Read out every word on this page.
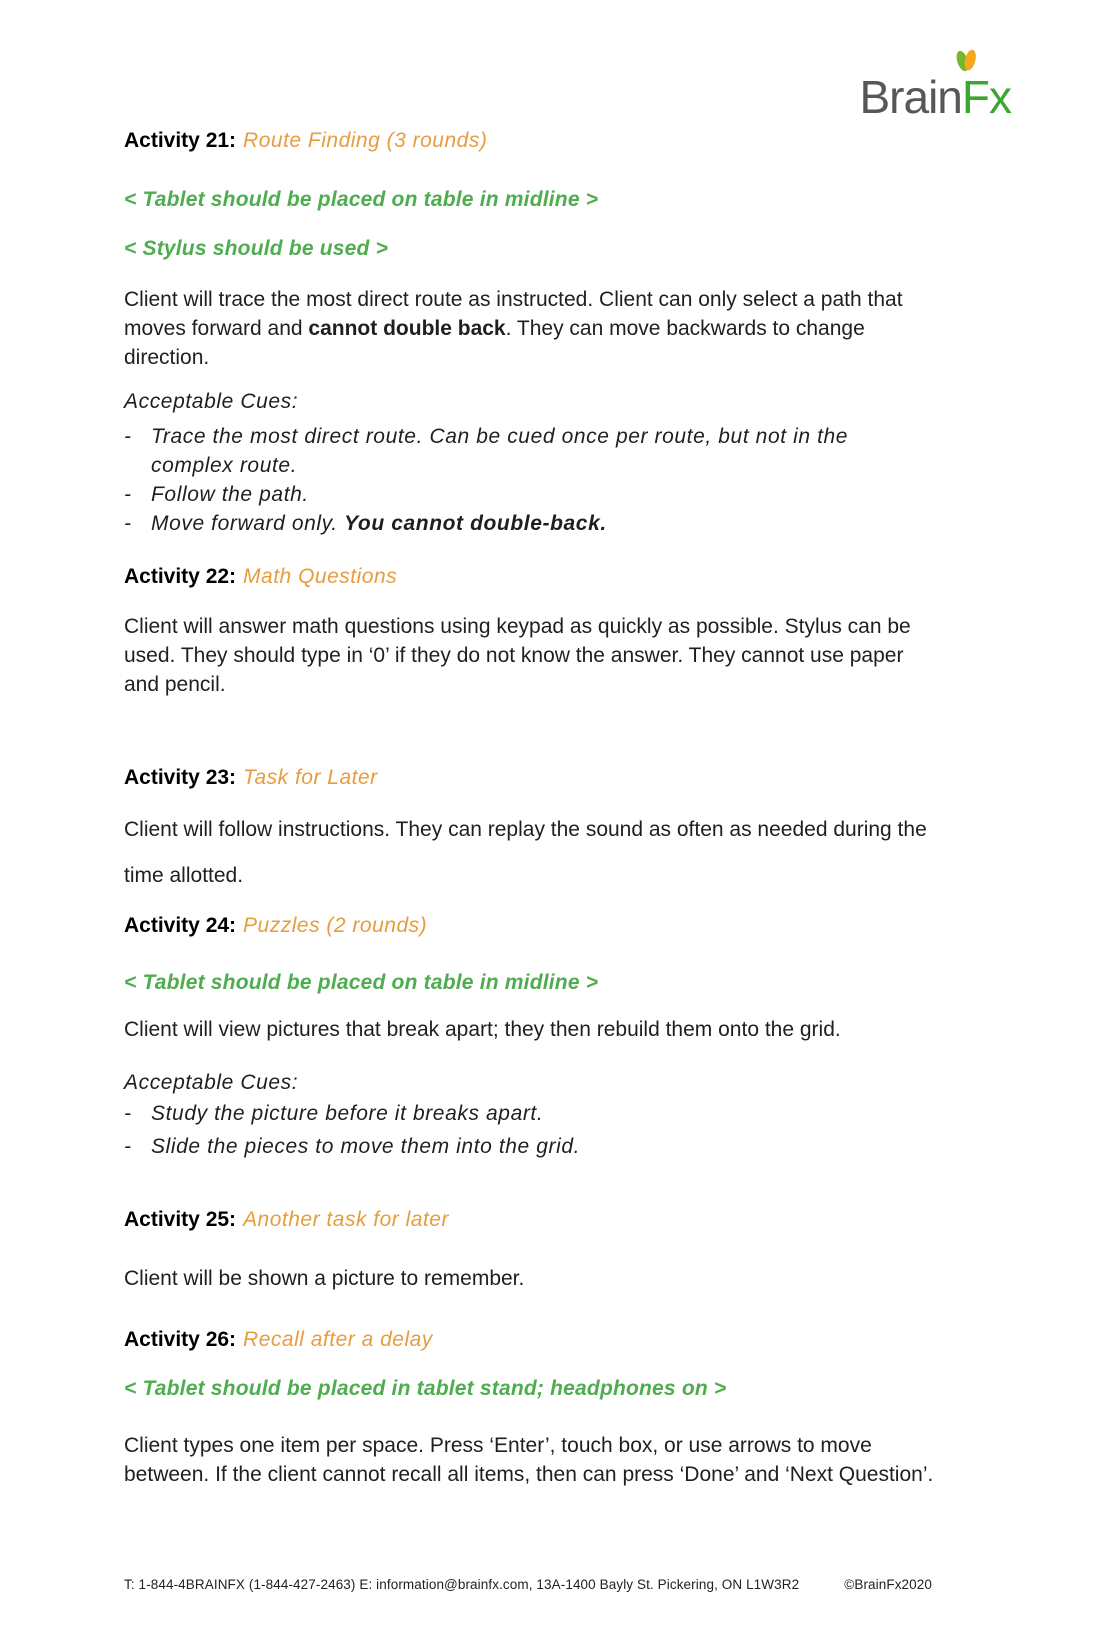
BrainFx
Activity 21: Route Finding (3 rounds)

< Tablet should be placed on table in midline >

< Stylus should be used >

Client will trace the most direct route as instructed. Client can only select a path that moves forward and cannot double back. They can move backwards to change direction.

Acceptable Cues:

- Trace the most direct route. Can be cued once per route, but not in the complex route.
- Follow the path.
- Move forward only. You cannot double-back.
Activity 22: Math Questions

Client will answer math questions using keypad as quickly as possible. Stylus can be used. They should type in ‘0’ if they do not know the answer. They cannot use paper and pencil.

Activity 23: Task for Later

Client will follow instructions. They can replay the sound as often as needed during the time allotted.

Activity 24: Puzzles (2 rounds)

< Tablet should be placed on table in midline >

Client will view pictures that break apart; they then rebuild them onto the grid.

Acceptable Cues:

- Study the picture before it breaks apart.
- Slide the pieces to move them into the grid.
Activity 25: Another task for later

Client will be shown a picture to remember.

Activity 26: Recall after a delay

< Tablet should be placed in tablet stand; headphones on >

Client types one item per space. Press ‘Enter’, touch box, or use arrows to move between. If the client cannot recall all items, then can press ‘Done’ and ‘Next Question’.

T: 1-844-4BRAINFX (1-844-427-2463) E: information@brainfx.com, 13A-1400 Bayly St. Pickering, ON L1W3R2	©BrainFx2020
